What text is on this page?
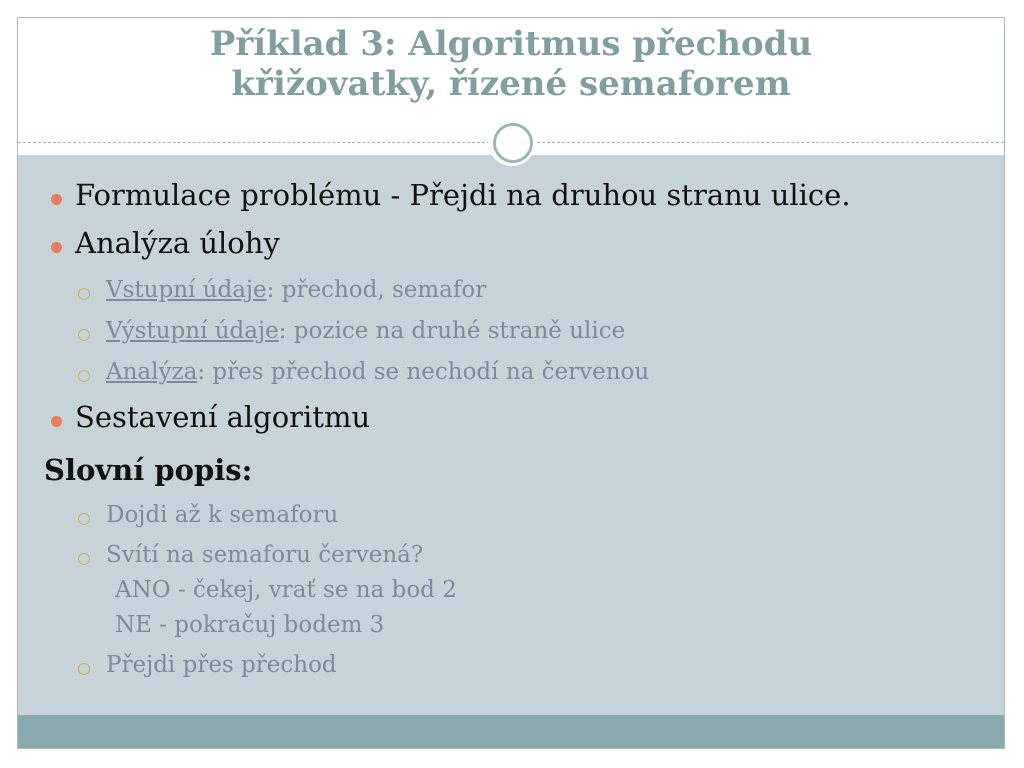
Příklad 3: Algoritmus přechodu
křižovatky, řízené semaforem
Formulace problému - Přejdi na druhou stranu ulice.
Analýza úlohy
Vstupní údaje: přechod, semafor
Výstupní údaje: pozice na druhé straně ulice
Analýza: přes přechod se nechodí na červenou
Sestavení algoritmu
Slovní popis:
Dojdi až k semaforu
Svítí na semaforu červená?
ANO - čekej, vrať se na bod 2
NE - pokračuj bodem 3
Přejdi přes přechod
